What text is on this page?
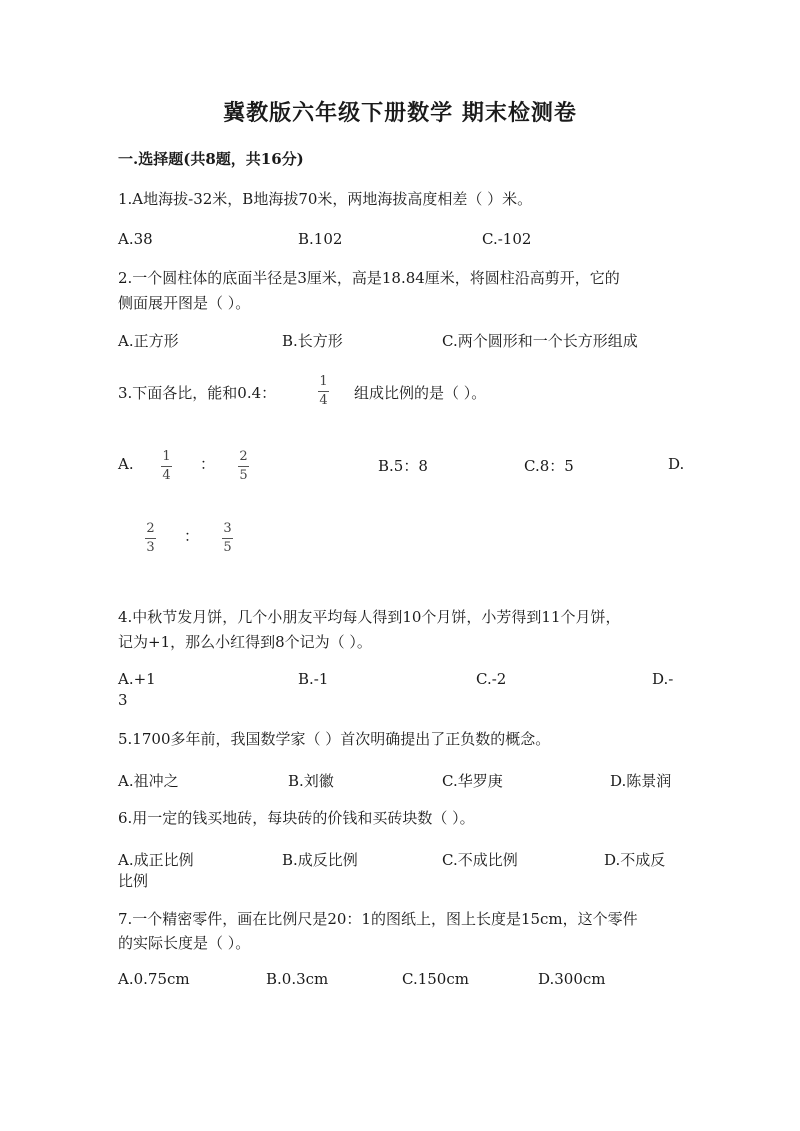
冀教版六年级下册数学 期末检测卷
一.选择题(共8题，共16分)
1.A地海拔-32米，B地海拔70米，两地海拔高度相差（ ）米。
A.38	B.102	C.-102
2.一个圆柱体的底面半径是3厘米，高是18.84厘米，将圆柱沿高剪开，它的
侧面展开图是（ ）。
A.正方形	B.长方形	C.两个圆形和一个长方形组成
3.下面各比，能和0.4：
1
4 组成比例的是（ ）。
A. 1
4
： 2
5
B.5：8	C.8：5	D.
2
3
： 3
5
4.中秋节发月饼，几个小朋友平均每人得到10个月饼，小芳得到11个月饼，
记为+1，那么小红得到8个记为（ ）。
A.+1	B.-1	C.-2	D.-
3
5.1700多年前，我国数学家（ ）首次明确提出了正负数的概念。
A.祖冲之	B.刘徽	C.华罗庚	D.陈景润
6.用一定的钱买地砖，每块砖的价钱和买砖块数（ ）。
A.成正比例	B.成反比例	C.不成比例	D.不成反
比例
7.一个精密零件，画在比例尺是20：1的图纸上，图上长度是15cm，这个零件
的实际长度是（ ）。
A.0.75cm	B.0.3cm	C.150cm	D.300cm
